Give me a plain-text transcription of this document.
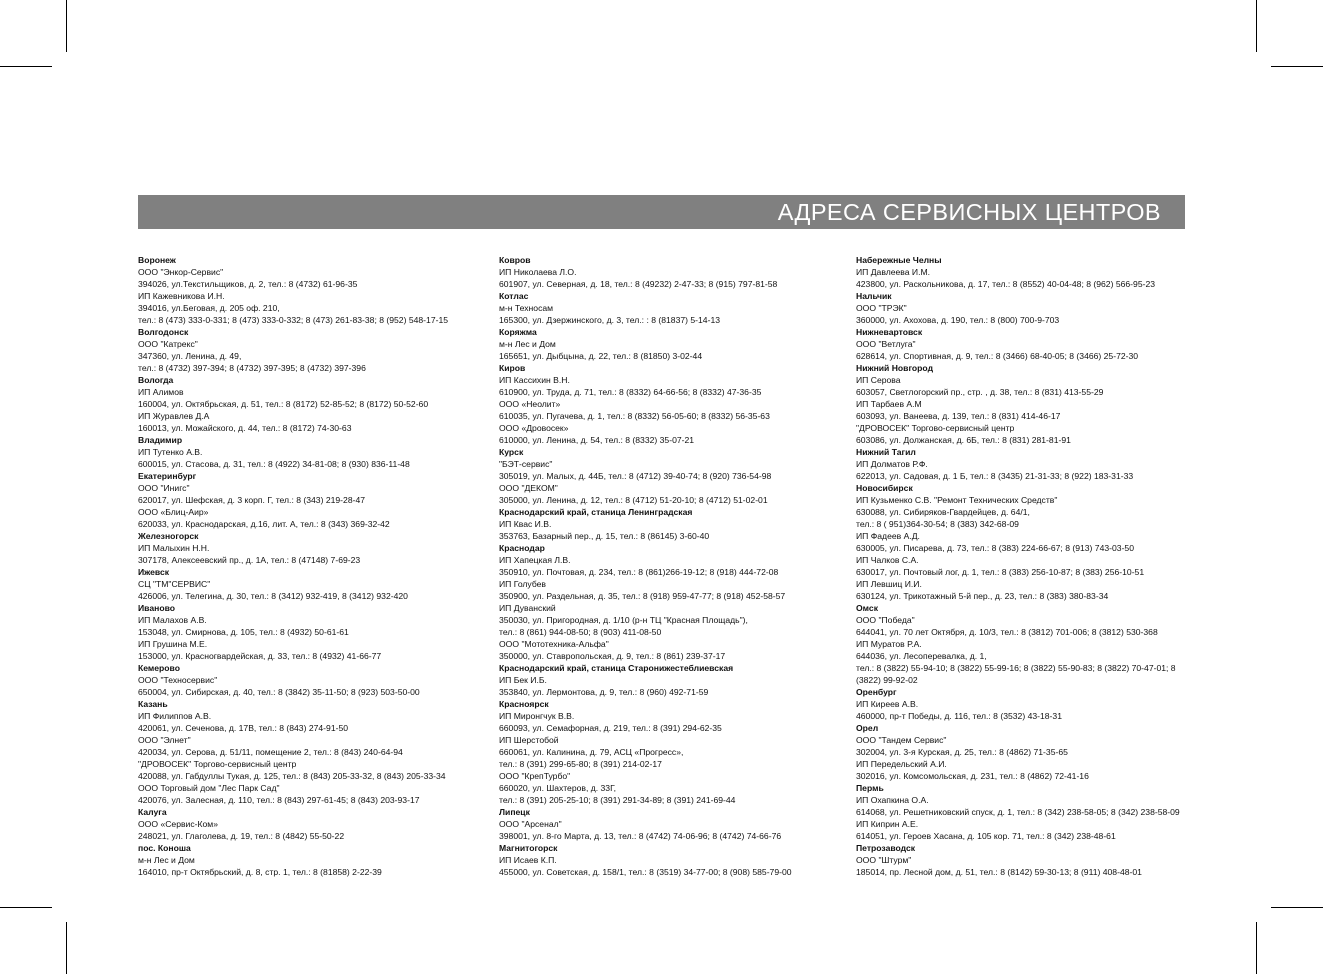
АДРЕСА СЕРВИСНЫХ ЦЕНТРОВ
Воронеж
ООО "Энкор-Сервис"
394026, ул.Текстильщиков, д. 2, тел.: 8 (4732) 61-96-35
ИП Кажевникова И.Н.
394016, ул.Беговая, д. 205 оф. 210,
тел.: 8 (473) 333-0-331; 8 (473) 333-0-332; 8 (473) 261-83-38; 8 (952) 548-17-15
Волгодонск
ООО "Катрекс"
347360, ул. Ленина, д. 49,
тел.: 8 (4732) 397-394; 8 (4732) 397-395; 8 (4732) 397-396
Вологда
ИП Алимов
160004, ул. Октябрьская, д. 51, тел.: 8 (8172) 52-85-52; 8 (8172) 50-52-60
ИП Журавлев Д.А
160013, ул. Можайского, д. 44, тел.: 8 (8172) 74-30-63
Владимир
ИП Тутенко А.В.
600015, ул. Стасова, д. 31, тел.: 8 (4922) 34-81-08; 8 (930) 836-11-48
Екатеринбург
ООО "Инигс"
620017, ул. Шефская, д. 3 корп. Г, тел.: 8 (343) 219-28-47
ООО «Блиц-Аир»
620033, ул. Краснодарская, д.16, лит. А, тел.: 8 (343) 369-32-42
Железногорск
ИП Малыхин Н.Н.
307178, Алексеевский пр., д. 1А, тел.: 8 (47148) 7-69-23
Ижевск
СЦ "ТМ"СЕРВИС"
426006, ул. Телегина, д. 30, тел.: 8 (3412) 932-419, 8 (3412) 932-420
Иваново
ИП Малахов А.В.
153048, ул. Смирнова, д. 105, тел.: 8 (4932) 50-61-61
ИП Грушина М.Е.
153000, ул. Красногвардейская, д. 33, тел.: 8 (4932) 41-66-77
Кемерово
ООО "Техносервис"
650004, ул. Сибирская, д. 40, тел.: 8 (3842) 35-11-50; 8 (923) 503-50-00
Казань
ИП Филиппов А.В.
420061, ул. Сеченова, д. 17В, тел.: 8 (843) 274-91-50
ООО "Элнет"
420034, ул. Серова, д. 51/11, помещение 2, тел.: 8 (843) 240-64-94
"ДРОВОСЕК" Торгово-сервисный центр
420088, ул. Габдуллы Тукая, д. 125, тел.: 8 (843) 205-33-32, 8 (843) 205-33-34
ООО Торговый дом "Лес Парк Сад"
420076, ул. Залесная, д. 110, тел.: 8 (843) 297-61-45; 8 (843) 203-93-17
Калуга
ООО «Сервис-Ком»
248021, ул. Глаголева, д. 19, тел.: 8 (4842) 55-50-22
пос. Коноша
м-н Лес и Дом
164010, пр-т Октябрьский, д. 8, стр. 1, тел.: 8 (81858) 2-22-39
Ковров
ИП Николаева Л.О.
601907, ул. Северная, д. 18, тел.: 8 (49232) 2-47-33; 8 (915) 797-81-58
Котлас
м-н Техносам
165300, ул. Дзержинского, д. 3, тел.: : 8 (81837) 5-14-13
Коряжма
м-н Лес и Дом
165651, ул. Дыбцына, д. 22, тел.: 8 (81850) 3-02-44
Киров
ИП Кассихин В.Н.
610900, ул. Труда, д. 71, тел.: 8 (8332) 64-66-56; 8 (8332) 47-36-35
ООО «Неолит»
610035, ул. Пугачева, д. 1, тел.: 8 (8332) 56-05-60; 8 (8332) 56-35-63
ООО «Дровосек»
610000, ул. Ленина, д. 54, тел.: 8 (8332) 35-07-21
Курск
"БЭТ-сервис"
305019, ул. Малых, д. 44Б, тел.: 8 (4712) 39-40-74; 8 (920) 736-54-98
ООО "ДЕКОМ"
305000, ул. Ленина, д. 12, тел.: 8 (4712) 51-20-10; 8 (4712) 51-02-01
Краснодарский край, станица Ленинградская
ИП Квас И.В.
353763, Базарный пер., д. 15, тел.: 8 (86145) 3-60-40
Краснодар
ИП Хапецкая Л.В.
350910, ул. Почтовая, д. 234, тел.: 8 (861)266-19-12; 8 (918) 444-72-08
ИП Голубев
350900, ул. Раздельная, д. 35, тел.: 8 (918) 959-47-77; 8 (918) 452-58-57
ИП Дуванский
350030, ул. Пригородная, д. 1/10 (р-н ТЦ "Красная Площадь"),
тел.: 8 (861) 944-08-50; 8 (903) 411-08-50
ООО "Мототехника-Альфа"
350000, ул. Ставропольская, д. 9, тел.: 8 (861) 239-37-17
Краснодарский край, станица Старонижестеблиевская
ИП Бек И.Б.
353840, ул. Лермонтова, д. 9, тел.: 8 (960) 492-71-59
Красноярск
ИП Миронгчук В.В.
660093, ул. Семафорная, д. 219, тел.: 8 (391) 294-62-35
ИП Шерстобой
660061, ул. Калинина, д. 79, АСЦ «Прогресс»,
тел.: 8 (391) 299-65-80; 8 (391) 214-02-17
ООО "КрепТурбо"
660020, ул. Шахтеров, д. 33Г,
тел.: 8 (391) 205-25-10; 8 (391) 291-34-89; 8 (391) 241-69-44
Липецк
ООО "Арсенал"
398001, ул. 8-го Марта, д. 13, тел.: 8 (4742) 74-06-96; 8 (4742) 74-66-76
Магнитогорск
ИП Исаев К.П.
455000, ул. Советская, д. 158/1, тел.: 8 (3519) 34-77-00; 8 (908) 585-79-00
Набережные Челны
ИП Давлеева И.М.
423800, ул. Раскольникова, д. 17, тел.: 8 (8552) 40-04-48; 8 (962) 566-95-23
Нальчик
ООО "ТРЭК"
360000, ул. Ахохова, д. 190, тел.: 8 (800) 700-9-703
Нижневартовск
ООО "Ветлуга"
628614, ул. Спортивная, д. 9, тел.: 8 (3466) 68-40-05; 8 (3466) 25-72-30
Нижний Новгород
ИП Серова
603057, Светлогорский пр., стр. , д. 38, тел.: 8 (831) 413-55-29
ИП Тарбаев А.М
603093, ул. Ванеева, д. 139, тел.: 8 (831) 414-46-17
"ДРОВОСЕК" Торгово-сервисный центр
603086, ул. Должанская, д. 6Б, тел.: 8 (831) 281-81-91
Нижний Тагил
ИП Долматов Р.Ф.
622013, ул. Садовая, д. 1 Б, тел.: 8 (3435) 21-31-33; 8 (922) 183-31-33
Новосибирск
ИП Кузьменко С.В. "Ремонт Технических Средств"
630088, ул. Сибиряков-Гвардейцев, д. 64/1,
тел.: 8 ( 951)364-30-54; 8 (383) 342-68-09
ИП Фадеев А.Д.
630005, ул. Писарева, д. 73, тел.: 8 (383) 224-66-67; 8 (913) 743-03-50
ИП Чалков С.А.
630017, ул. Почтовый лог, д. 1, тел.: 8 (383) 256-10-87; 8 (383) 256-10-51
ИП Левшиц И.И.
630124, ул. Трикотажный 5-й пер., д. 23, тел.: 8 (383) 380-83-34
Омск
ООО "Победа"
644041, ул. 70 лет Октября, д. 10/3, тел.: 8 (3812) 701-006; 8 (3812) 530-368
ИП Муратов Р.А.
644036, ул. Лесоперевалка, д. 1,
тел.: 8 (3822) 55-94-10; 8 (3822) 55-99-16; 8 (3822) 55-90-83; 8 (3822) 70-47-01; 8
(3822) 99-92-02
Оренбург
ИП Киреев А.В.
460000, пр-т Победы, д. 116, тел.: 8 (3532) 43-18-31
Орел
ООО "Тандем Сервис"
302004, ул. 3-я Курская, д. 25, тел.: 8 (4862) 71-35-65
ИП Передельский А.И.
302016, ул. Комсомольская, д. 231, тел.: 8 (4862) 72-41-16
Пермь
ИП Охапкина О.А.
614068, ул. Решетниковский спуск, д. 1, тел.: 8 (342) 238-58-05; 8 (342) 238-58-09
ИП Киприн А.Е.
614051, ул. Героев Хасана, д. 105 кор. 71, тел.: 8 (342) 238-48-61
Петрозаводск
ООО "Штурм"
185014, пр. Лесной дом, д. 51, тел.: 8 (8142) 59-30-13; 8 (911) 408-48-01
